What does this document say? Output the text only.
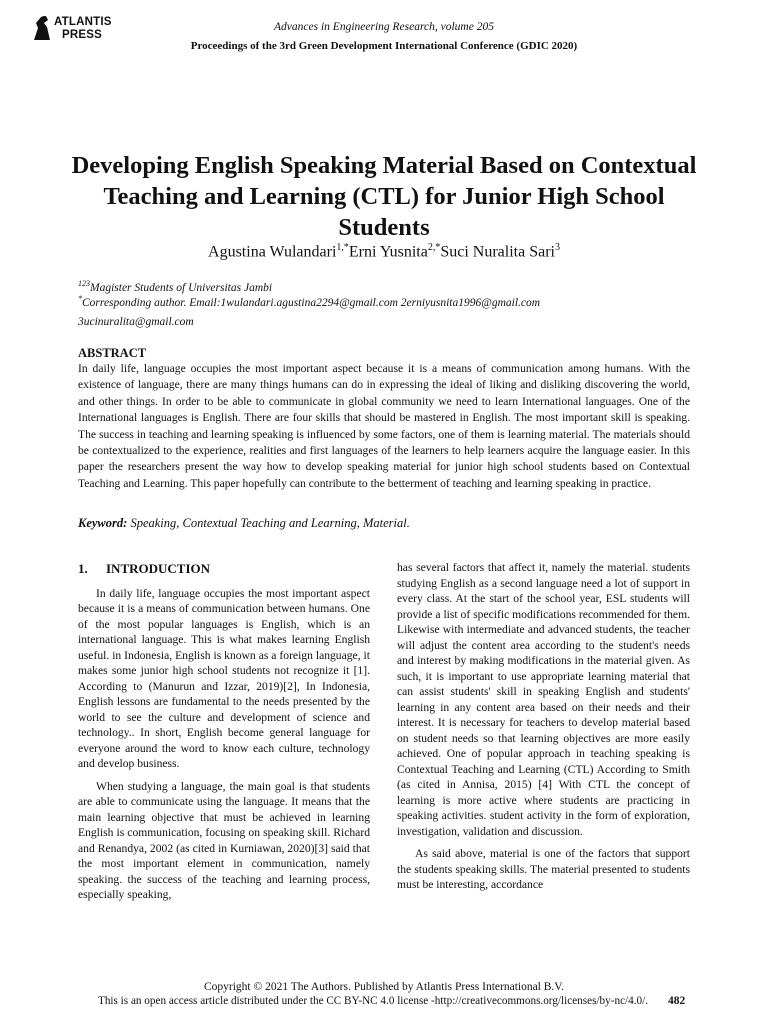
ATLANTIS
PRESS
Advances in Engineering Research, volume 205
Proceedings of the 3rd Green Development International Conference (GDIC 2020)
Developing English Speaking Material Based on Contextual Teaching and Learning (CTL) for Junior High School Students
Agustina Wulandari$^{1,*}$Erni Yusnita$^{2,*}$Suci Nuralita Sari$^3$
$^{123}$Magister Students of Universitas Jambi
*Corresponding author. Email:1wulandari.agustina2294@gmail.com 2erniyusnita1996@gmail.com
3ucinuralita@gmail.com
ABSTRACT

In daily life, language occupies the most important aspect because it is a means of communication among humans. With the existence of language, there are many things humans can do in expressing the ideal of liking and disliking discovering the world, and other things. In order to be able to communicate in global community we need to learn International languages. One of the International languages is English. There are four skills that should be mastered in English. The most important skill is speaking. The success in teaching and learning speaking is influenced by some factors, one of them is learning material. The materials should be contextualized to the experience, realities and first languages of the learners to help learners acquire the language easier. In this paper the researchers present the way how to develop speaking material for junior high school students based on Contextual Teaching and Learning. This paper hopefully can contribute to the betterment of teaching and learning speaking in practice.

Keyword: Speaking, Contextual Teaching and Learning, Material.

1. INTRODUCTION

In daily life, language occupies the most important aspect because it is a means of communication between humans. One of the most popular languages is English, which is an international language. This is what makes learning English useful. in Indonesia, English is known as a foreign language, it makes some junior high school students not recognize it [1]. According to (Manurun and Izzar, 2019)[2], In Indonesia, English lessons are fundamental to the needs presented by the world to see the culture and development of science and technology.. In short, English become general language for everyone around the word to know each culture, technology and develop business.

When studying a language, the main goal is that students are able to communicate using the language. It means that the main learning objective that must be achieved in learning English is communication, focusing on speaking skill. Richard and Renandya, 2002 (as cited in Kurniawan, 2020)[3] said that the most important element in communication, namely speaking. the success of the teaching and learning process, especially speaking,

has several factors that affect it, namely the material. students studying English as a second language need a lot of support in every class. At the start of the school year, ESL students will provide a list of specific modifications recommended for them. Likewise with intermediate and advanced students, the teacher will adjust the content area according to the student's needs and interest by making modifications in the material given. As such, it is important to use appropriate learning material that can assist students' skill in speaking English and students' learning in any content area based on their needs and their interest. It is necessary for teachers to develop material based on student needs so that learning objectives are more easily achieved. One of popular approach in teaching speaking is Contextual Teaching and Learning (CTL) According to Smith (as cited in Annisa, 2015) [4] With CTL the concept of learning is more active where students are practicing in speaking activities. student activity in the form of exploration, investigation, validation and discussion.

As said above, material is one of the factors that support the students speaking skills. The material presented to students must be interesting, accordance

Copyright © 2021 The Authors. Published by Atlantis Press International B.V.
This is an open access article distributed under the CC BY-NC 4.0 license -http://creativecommons.org/licenses/by-nc/4.0/. 482
